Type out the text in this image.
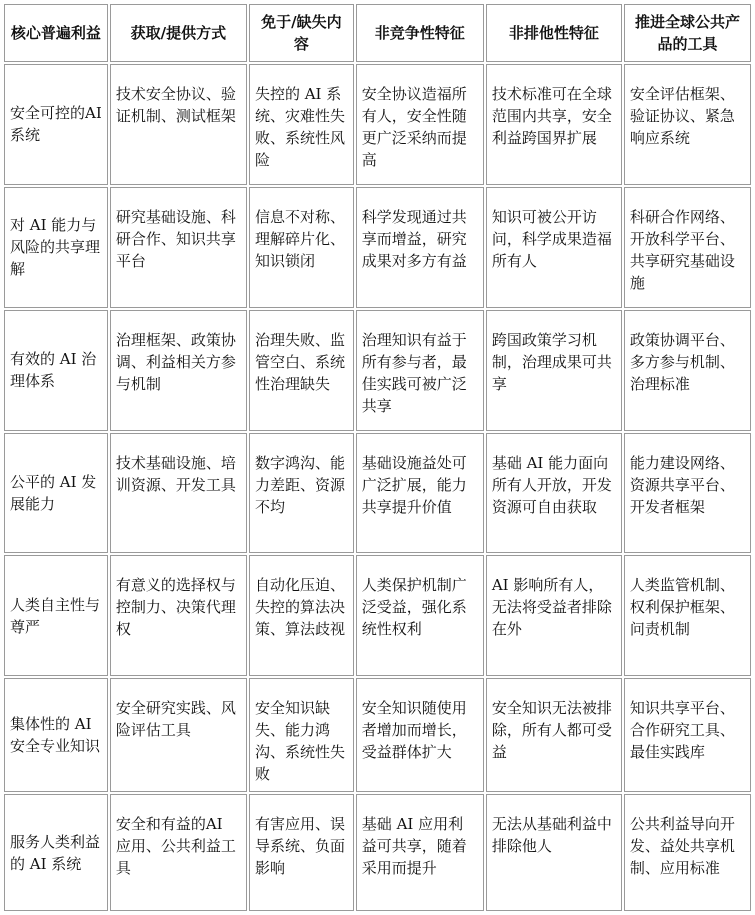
核心普遍利益	获取/提供方式	免于/缺失内容	非竞争性特征	非排他性特征	推进全球公共产品的工具
安全可控的AI 系统	技术安全协议、验证机制、测试框架	失控的 AI 系统、灾难性失败、系统性风险	安全协议造福所有人，安全性随更广泛采纳而提高	技术标准可在全球范围内共享，安全利益跨国界扩展	安全评估框架、验证协议、紧急响应系统
对 AI 能力与风险的共享理解	研究基础设施、科研合作、知识共享平台	信息不对称、理解碎片化、知识锁闭	科学发现通过共享而增益，研究成果对多方有益	知识可被公开访问，科学成果造福所有人	科研合作网络、开放科学平台、共享研究基础设施
有效的 AI 治理体系	治理框架、政策协调、利益相关方参与机制	治理失败、监管空白、系统性治理缺失	治理知识有益于所有参与者，最佳实践可被广泛共享	跨国政策学习机制，治理成果可共享	政策协调平台、多方参与机制、治理标准
公平的 AI 发展能力	技术基础设施、培训资源、开发工具	数字鸿沟、能力差距、资源不均	基础设施益处可广泛扩展，能力共享提升价值	基础 AI 能力面向所有人开放，开发资源可自由获取	能力建设网络、资源共享平台、开发者框架
人类自主性与尊严	有意义的选择权与控制力、决策代理权	自动化压迫、失控的算法决策、算法歧视	人类保护机制广泛受益，强化系统性权利	AI 影响所有人，无法将受益者排除在外	人类监管机制、权利保护框架、问责机制
集体性的 AI 安全专业知识	安全研究实践、风险评估工具	安全知识缺失、能力鸿沟、系统性失败	安全知识随使用者增加而增长，受益群体扩大	安全知识无法被排除，所有人都可受益	知识共享平台、合作研究工具、最佳实践库
服务人类利益的 AI 系统	安全和有益的AI 应用、公共利益工具	有害应用、误导系统、负面影响	基础 AI 应用利益可共享，随着采用而提升	无法从基础利益中排除他人	公共利益导向开发、益处共享机制、应用标准
